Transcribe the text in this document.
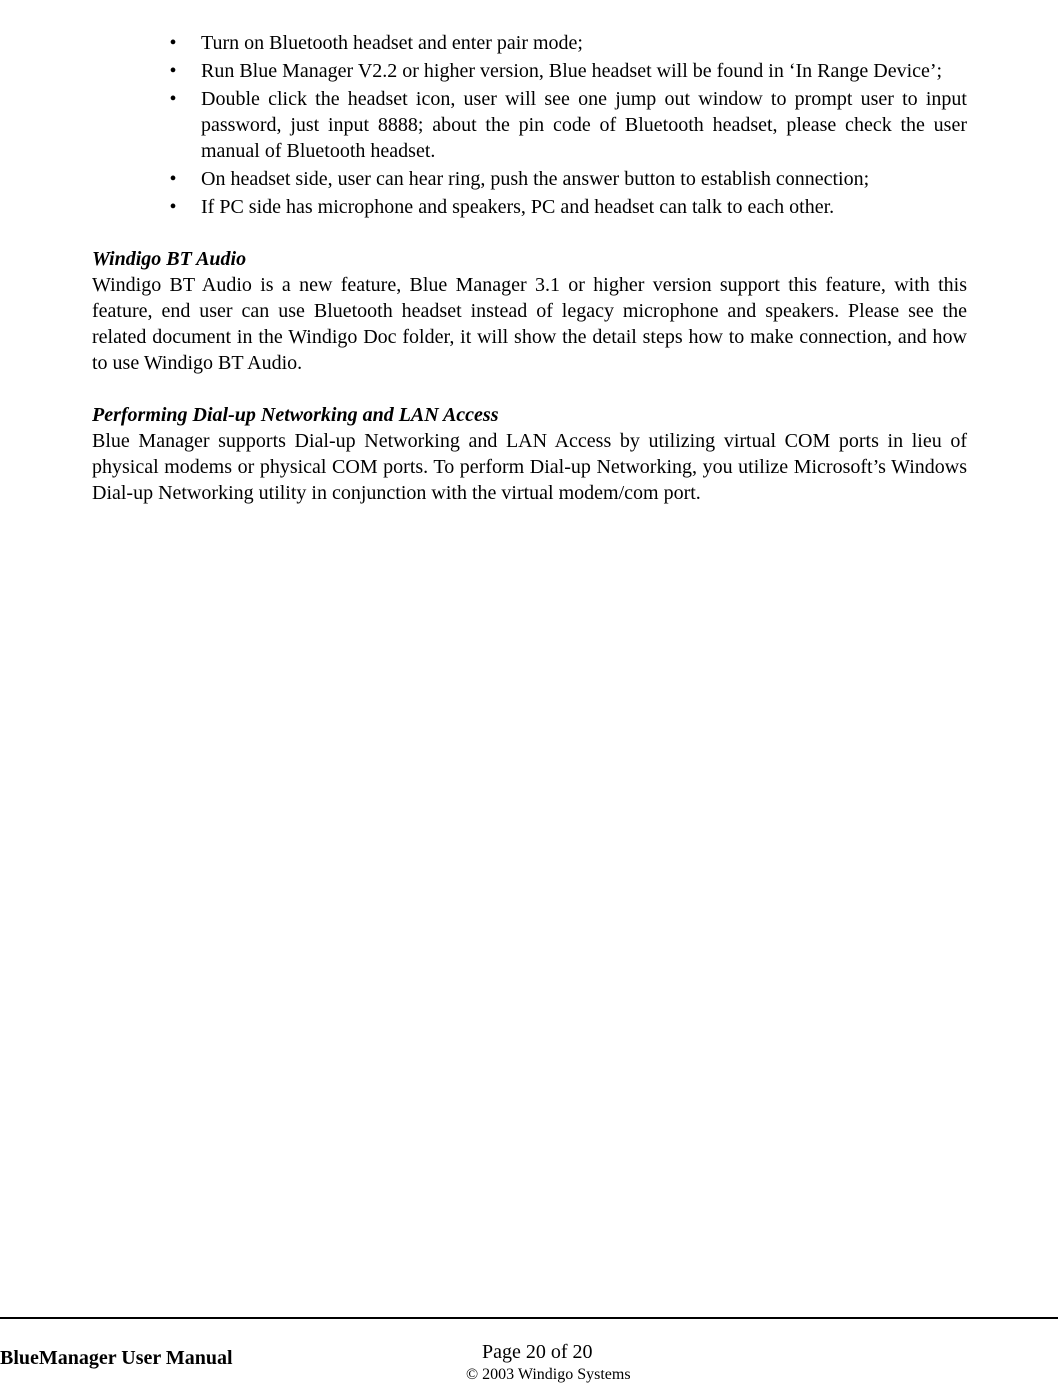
•	Turn on Bluetooth headset and enter pair mode;
•	Run Blue Manager V2.2 or higher version, Blue headset will be found in ‘In Range Device’;
•	Double click the headset icon, user will see one jump out window to prompt user to input password, just input 8888; about the pin code of Bluetooth headset, please check the user manual of Bluetooth headset.
•	On headset side, user can hear ring, push the answer button to establish connection;
•	If PC side has microphone and speakers, PC and headset can talk to each other.

Windigo BT Audio

Windigo BT Audio is a new feature, Blue Manager 3.1 or higher version support this feature, with this feature, end user can use Bluetooth headset instead of legacy microphone and speakers. Please see the related document in the Windigo Doc folder, it will show the detail steps how to make connection, and how to use Windigo BT Audio.

Performing Dial-up Networking and LAN Access

Blue Manager supports Dial-up Networking and LAN Access by utilizing virtual COM ports in lieu of physical modems or physical COM ports. To perform Dial-up Networking, you utilize Microsoft’s Windows Dial-up Networking utility in conjunction with the virtual modem/com port.

BlueManager User Manual	Page 20 of 20
© 2003 Windigo Systems
